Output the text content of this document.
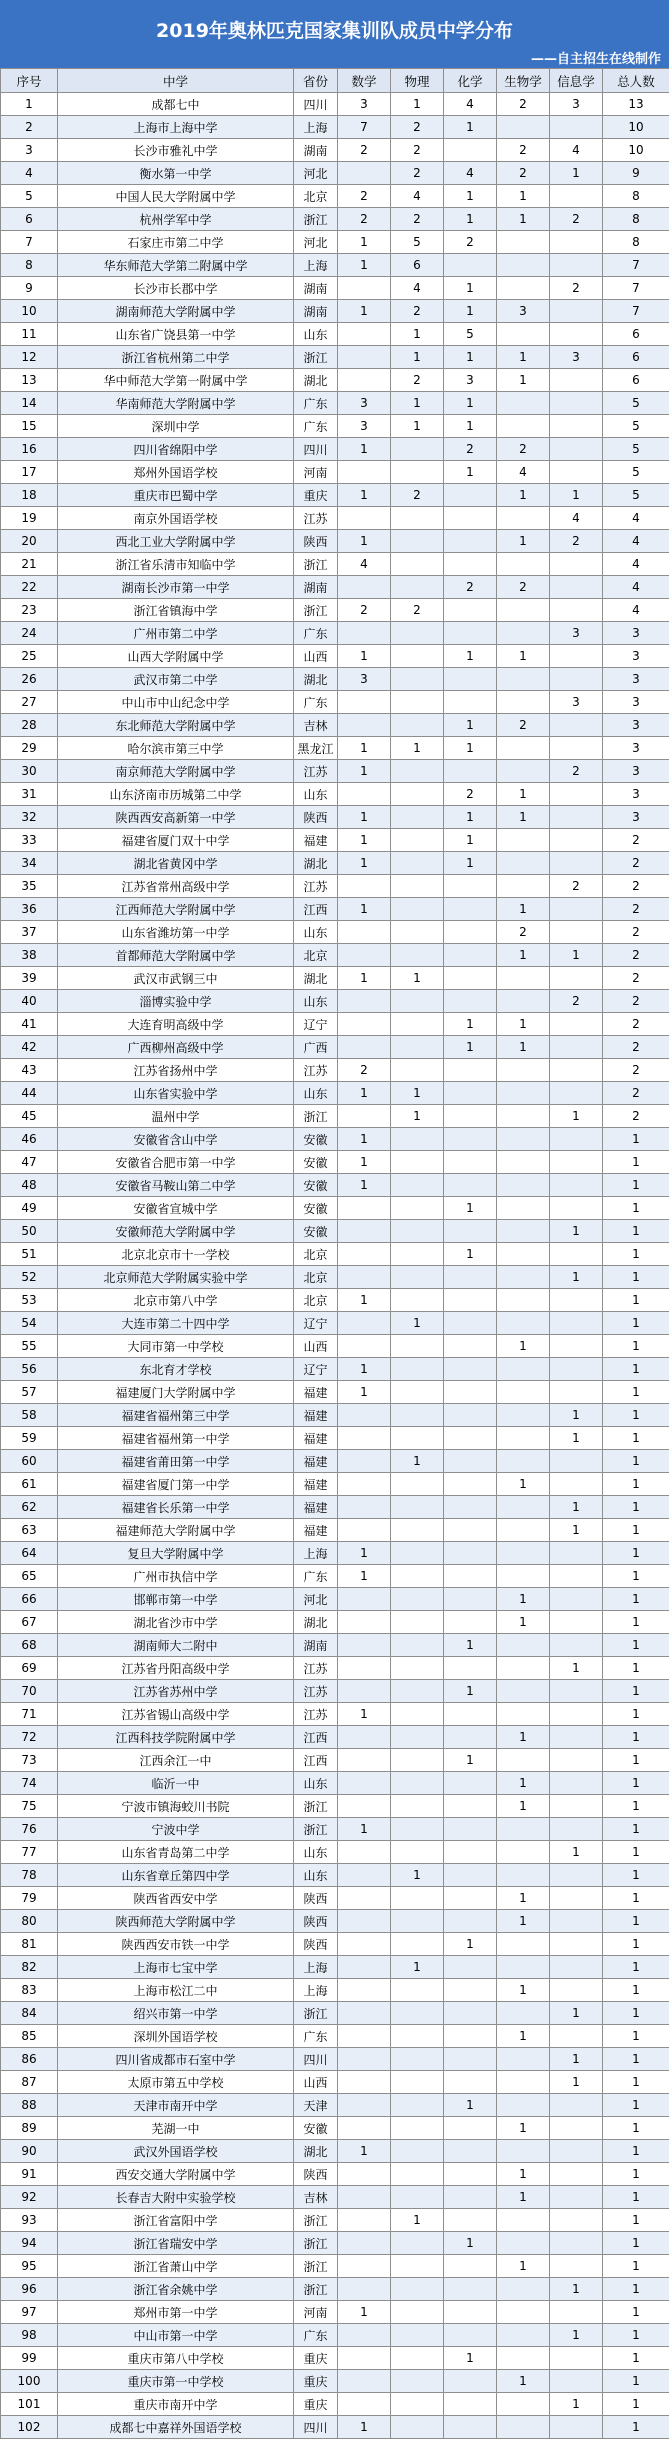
2019年奥林匹克国家集训队成员中学分布
——自主招生在线制作
序号	中学	省份	数学	物理	化学	生物学	信息学	总人数
1	成都七中	四川	3	1	4	2	3	13
2	上海市上海中学	上海	7	2	1			10
3	长沙市雅礼中学	湖南	2	2		2	4	10
4	衡水第一中学	河北		2	4	2	1	9
5	中国人民大学附属中学	北京	2	4	1	1		8
6	杭州学军中学	浙江	2	2	1	1	2	8
7	石家庄市第二中学	河北	1	5	2			8
8	华东师范大学第二附属中学	上海	1	6				7
9	长沙市长郡中学	湖南		4	1		2	7
10	湖南师范大学附属中学	湖南	1	2	1	3		7
11	山东省广饶县第一中学	山东		1	5			6
12	浙江省杭州第二中学	浙江		1	1	1	3	6
13	华中师范大学第一附属中学	湖北		2	3	1		6
14	华南师范大学附属中学	广东	3	1	1			5
15	深圳中学	广东	3	1	1			5
16	四川省绵阳中学	四川	1		2	2		5
17	郑州外国语学校	河南			1	4		5
18	重庆市巴蜀中学	重庆	1	2		1	1	5
19	南京外国语学校	江苏					4	4
20	西北工业大学附属中学	陕西	1			1	2	4
21	浙江省乐清市知临中学	浙江	4					4
22	湖南长沙市第一中学	湖南			2	2		4
23	浙江省镇海中学	浙江	2	2				4
24	广州市第二中学	广东					3	3
25	山西大学附属中学	山西	1		1	1		3
26	武汉市第二中学	湖北	3					3
27	中山市中山纪念中学	广东					3	3
28	东北师范大学附属中学	吉林			1	2		3
29	哈尔滨市第三中学	黑龙江	1	1	1			3
30	南京师范大学附属中学	江苏	1				2	3
31	山东济南市历城第二中学	山东			2	1		3
32	陕西西安高新第一中学	陕西	1		1	1		3
33	福建省厦门双十中学	福建	1		1			2
34	湖北省黄冈中学	湖北	1		1			2
35	江苏省常州高级中学	江苏					2	2
36	江西师范大学附属中学	江西	1			1		2
37	山东省潍坊第一中学	山东				2		2
38	首都师范大学附属中学	北京				1	1	2
39	武汉市武钢三中	湖北	1	1				2
40	淄博实验中学	山东					2	2
41	大连育明高级中学	辽宁			1	1		2
42	广西柳州高级中学	广西			1	1		2
43	江苏省扬州中学	江苏	2					2
44	山东省实验中学	山东	1	1				2
45	温州中学	浙江		1			1	2
46	安徽省含山中学	安徽	1					1
47	安徽省合肥市第一中学	安徽	1					1
48	安徽省马鞍山第二中学	安徽	1					1
49	安徽省宣城中学	安徽			1			1
50	安徽师范大学附属中学	安徽					1	1
51	北京北京市十一学校	北京			1			1
52	北京师范大学附属实验中学	北京					1	1
53	北京市第八中学	北京	1					1
54	大连市第二十四中学	辽宁		1				1
55	大同市第一中学校	山西				1		1
56	东北育才学校	辽宁	1					1
57	福建厦门大学附属中学	福建	1					1
58	福建省福州第三中学	福建					1	1
59	福建省福州第一中学	福建					1	1
60	福建省莆田第一中学	福建		1				1
61	福建省厦门第一中学	福建				1		1
62	福建省长乐第一中学	福建					1	1
63	福建师范大学附属中学	福建					1	1
64	复旦大学附属中学	上海	1					1
65	广州市执信中学	广东	1					1
66	邯郸市第一中学	河北				1		1
67	湖北省沙市中学	湖北				1		1
68	湖南师大二附中	湖南			1			1
69	江苏省丹阳高级中学	江苏					1	1
70	江苏省苏州中学	江苏			1			1
71	江苏省锡山高级中学	江苏	1					1
72	江西科技学院附属中学	江西				1		1
73	江西余江一中	江西			1			1
74	临沂一中	山东				1		1
75	宁波市镇海蛟川书院	浙江				1		1
76	宁波中学	浙江	1					1
77	山东省青岛第二中学	山东					1	1
78	山东省章丘第四中学	山东		1				1
79	陕西省西安中学	陕西				1		1
80	陕西师范大学附属中学	陕西				1		1
81	陕西西安市铁一中学	陕西			1			1
82	上海市七宝中学	上海		1				1
83	上海市松江二中	上海				1		1
84	绍兴市第一中学	浙江					1	1
85	深圳外国语学校	广东				1		1
86	四川省成都市石室中学	四川					1	1
87	太原市第五中学校	山西					1	1
88	天津市南开中学	天津			1			1
89	芜湖一中	安徽				1		1
90	武汉外国语学校	湖北	1					1
91	西安交通大学附属中学	陕西				1		1
92	长春吉大附中实验学校	吉林				1		1
93	浙江省富阳中学	浙江		1				1
94	浙江省瑞安中学	浙江			1			1
95	浙江省萧山中学	浙江				1		1
96	浙江省余姚中学	浙江					1	1
97	郑州市第一中学	河南	1					1
98	中山市第一中学	广东					1	1
99	重庆市第八中学校	重庆			1			1
100	重庆市第一中学校	重庆				1		1
101	重庆市南开中学	重庆					1	1
102	成都七中嘉祥外国语学校	四川	1					1
